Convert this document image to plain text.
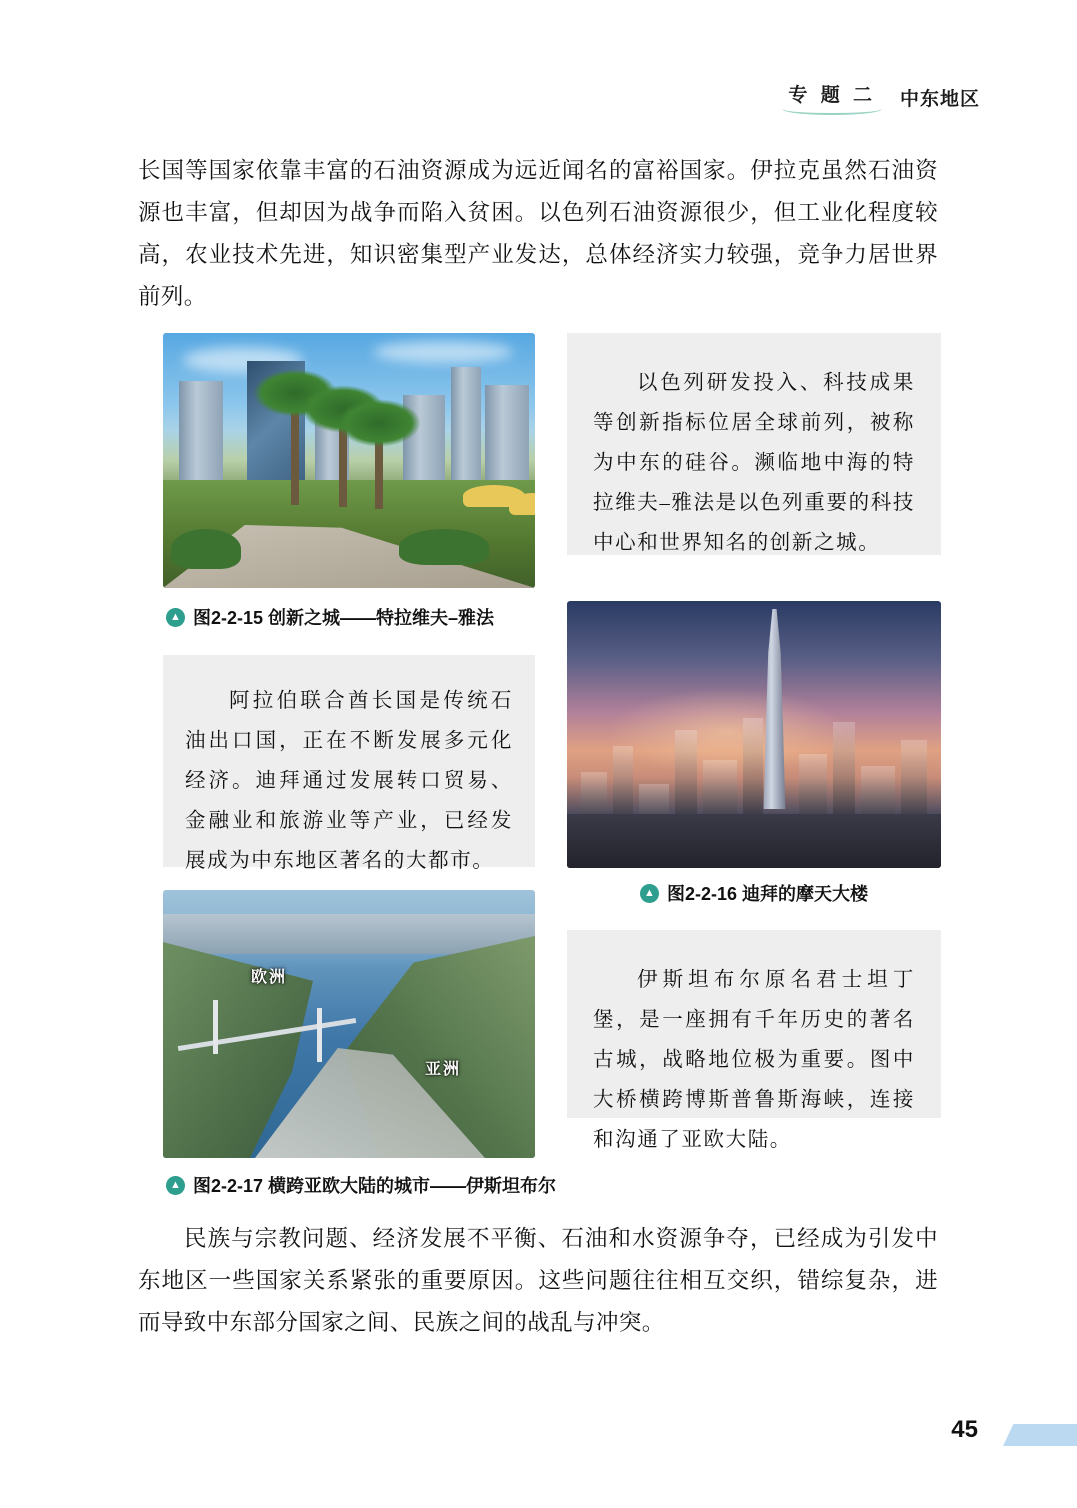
专 题 二	中东地区
长国等国家依靠丰富的石油资源成为远近闻名的富裕国家。伊拉克虽然石油资源也丰富，但却因为战争而陷入贫困。以色列石油资源很少，但工业化程度较高，农业技术先进，知识密集型产业发达，总体经济实力较强，竞争力居世界前列。
▲ 图2-2-15 创新之城——特拉维夫–雅法

以色列研发投入、科技成果等创新指标位居全球前列，被称为中东的硅谷。濒临地中海的特拉维夫–雅法是以色列重要的科技中心和世界知名的创新之城。

阿拉伯联合酋长国是传统石油出口国，正在不断发展多元化经济。迪拜通过发展转口贸易、金融业和旅游业等产业，已经发展成为中东地区著名的大都市。

▲ 图2-2-16 迪拜的摩天大楼
欧洲
亚洲

伊斯坦布尔原名君士坦丁堡，是一座拥有千年历史的著名古城，战略地位极为重要。图中大桥横跨博斯普鲁斯海峡，连接和沟通了亚欧大陆。

▲ 图2-2-17 横跨亚欧大陆的城市——伊斯坦布尔
民族与宗教问题、经济发展不平衡、石油和水资源争夺，已经成为引发中东地区一些国家关系紧张的重要原因。这些问题往往相互交织，错综复杂，进而导致中东部分国家之间、民族之间的战乱与冲突。
45
